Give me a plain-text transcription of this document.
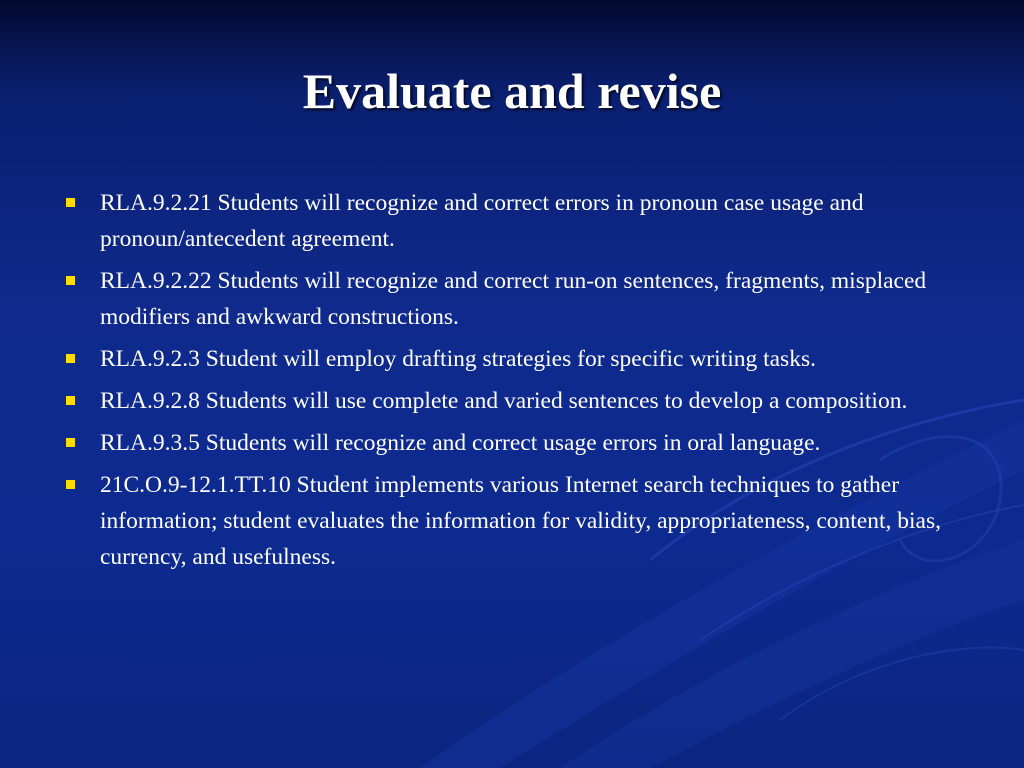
Evaluate and revise
RLA.9.2.21 Students will recognize and correct errors in pronoun case usage and pronoun/antecedent agreement.
RLA.9.2.22 Students will recognize and correct run-on sentences, fragments, misplaced modifiers and awkward constructions.
RLA.9.2.3 Student will employ drafting strategies for specific writing tasks.
RLA.9.2.8 Students will use complete and varied sentences to develop a composition.
RLA.9.3.5 Students will recognize and correct usage errors in oral language.
21C.O.9-12.1.TT.10 Student implements various Internet search techniques to gather information; student evaluates the information for validity, appropriateness, content, bias, currency, and usefulness.
